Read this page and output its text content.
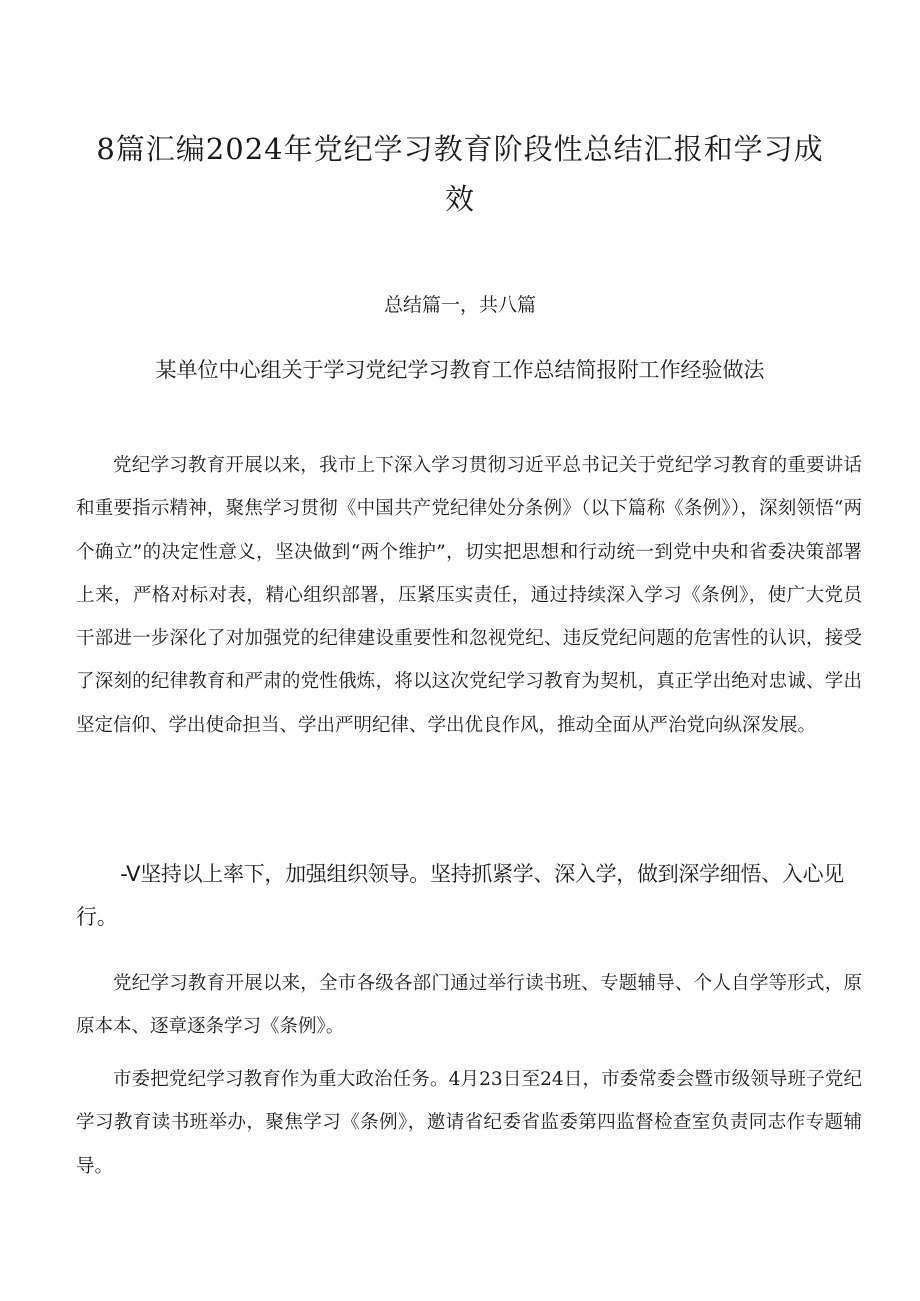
8篇汇编2024年党纪学习教育阶段性总结汇报和学习成效

总结篇一，共八篇

某单位中心组关于学习党纪学习教育工作总结简报附工作经验做法

党纪学习教育开展以来，我市上下深入学习贯彻习近平总书记关于党纪学习教育的重要讲话和重要指示精神，聚焦学习贯彻《中国共产党纪律处分条例》（以下篇称《条例》），深刻领悟“两个确立”的决定性意义，坚决做到“两个维护”，切实把思想和行动统一到党中央和省委决策部署上来，严格对标对表，精心组织部署，压紧压实责任，通过持续深入学习《条例》，使广大党员干部进一步深化了对加强党的纪律建设重要性和忽视党纪、违反党纪问题的危害性的认识，接受了深刻的纪律教育和严肃的党性俄炼，将以这次党纪学习教育为契机，真正学出绝对忠诚、学出坚定信仰、学出使命担当、学出严明纪律、学出优良作风，推动全面从严治党向纵深发展。

-V坚持以上率下，加强组织领导。坚持抓紧学、深入学，做到深学细悟、入心见行。

党纪学习教育开展以来，全市各级各部门通过举行读书班、专题辅导、个人自学等形式，原原本本、逐章逐条学习《条例》。

市委把党纪学习教育作为重大政治任务。4月23日至24日，市委常委会暨市级领导班子党纪学习教育读书班举办，聚焦学习《条例》，邀请省纪委省监委第四监督检查室负责同志作专题辅导。
